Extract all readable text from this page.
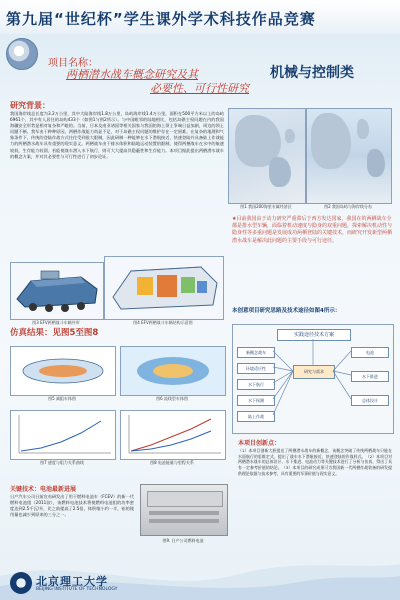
第九届“世纪杯”学生课外学术科技作品竞赛
项目名称：
两栖潜水战车概念研究及其
必要性、可行性研究
机械与控制类
研究背景：
我国海岸线总长度为3.2万公里，其中大陆海岸线1.8万公里，岛屿海岸线1.4万公里，面积在500平方米以上的岛屿6961个，其中有人居住的岛屿433个（如图1与图2所示）。与中国毗邻的陆地相比，包括岛礁主权问题在内的我国海疆安全形势是相对复杂和严峻的。当前，日本及南亚诸国等相关国家与我国的海上领土争端日益加剧，周边的领土问题不断。我军由于种种原因，两栖作战能力尚显不足，对于岛礁主权问题的维护存在一定困难。在复杂的地理和气象条件下，传统的登陆作战方式往往受到很大限制，因此研制一种能够在水下潜航接近、快速登陆并具备陆上作战能力的两栖潜水战车具有重要的现实意义。两栖战车由于排水体积和陆地运动装置的限制，使得两栖战车在水中的航速较低，生存能力较弱，若能使战车潜入水下航行，则可大大提高其隐蔽性和生存能力。本项目据此提出两栖潜水战车的概念方案，并对其必要性与可行性进行了初步论证。
图1 我国200海里专属经济区	图2 我国岛屿与海岸线分布
图3 EFV两栖战斗车辆外形	图4 EFV两栖战斗车辆结构示意图
★目前我国由于动力研究严重滞后于西方发达国家，我国在的两栖战车全都是排水型车辆，面临着机动速度与隐身的双重问题，探索解决机动性与隐身性等多重问题是发展成功两栖登陆的关键技术，而研究开发新型两栖潜水战车是解决此问题的主要手段与可行途径。
本创意项目研究思路及技术途径如图4所示：
实践途径技术方案
新概念战车
环境适应性
水下航行
水下探测
陆上作战
研究与需求
电池
水下推进
总体设计
仿真结果：见图5至图8
图5 减阻车体图	图6 流线型车体图
图7 速度与阻力关系曲线	图8 电池能量与里程关系
关键技术：电池最新进展
日产汽车公司日前宣布研发出了用于燃料电池车（FCEV）的新一代燃料电池组（2011款），该燃料电池技术将使燃料电池组的功率密度达到2.5千瓦/升，比之前提高了2.5倍，体积缩小约一半，铂的使用量也减少到原来的三分之一。
图9. 日产公司燃料电池
本项目创新点：
（1）本项目创新大胆提出了两栖潜水战车的新概念，该概念突破了传统两栖战车只能在水面航行的思维定式，提出了战车水下潜航接近、快速登陆的作战样式。（2）本项目对两栖潜水战车的总体设计、水下推进、电池动力等关键技术进行了分析与仿真，得出了具有一定参考价值的结论。（3）本项目的研究成果可为我国新一代两栖作战装备的研发提供理论依据与技术参考，具有重要的军事价值与现实意义。
北京理工大学
BEIJING INSTITUTE OF TECHNOLOGY
